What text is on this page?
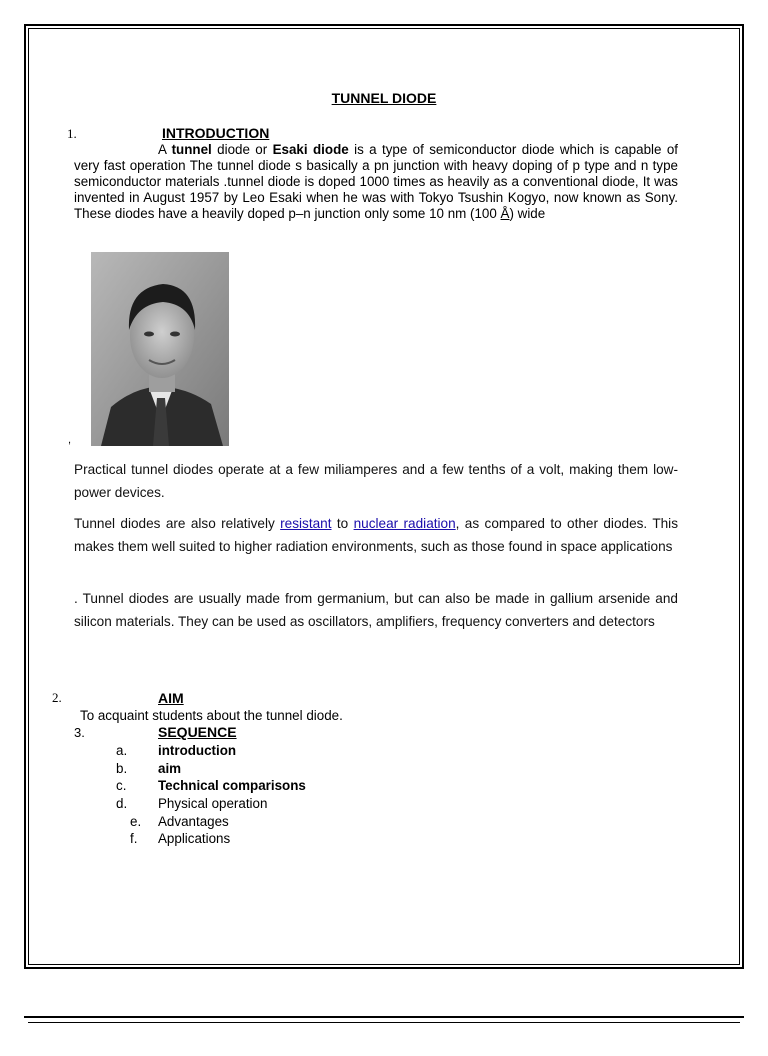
TUNNEL DIODE
1.	INTRODUCTION
A tunnel diode or Esaki diode is a type of semiconductor diode which is capable of very fast operation The tunnel diode s basically a pn junction with heavy doping of p type and n type semiconductor materials .tunnel diode is doped 1000 times as heavily as a conventional diode, It was invented in August 1957 by Leo Esaki when he was with Tokyo Tsushin Kogyo, now known as Sony. These diodes have a heavily doped p–n junction only some 10 nm (100 Å) wide
,
Practical tunnel diodes operate at a few miliamperes and a few tenths of a volt, making them low-power devices.
Tunnel diodes are also relatively resistant to nuclear radiation, as compared to other diodes. This makes them well suited to higher radiation environments, such as those found in space applications
. Tunnel diodes are usually made from germanium, but can also be made in gallium arsenide and silicon materials. They can be used as oscillators, amplifiers, frequency converters and detectors
2.	AIM
To acquaint students about the tunnel diode.
3.	SEQUENCE
a. introduction
b. aim
c. Technical comparisons
d. Physical operation
e. Advantages
f. Applications
